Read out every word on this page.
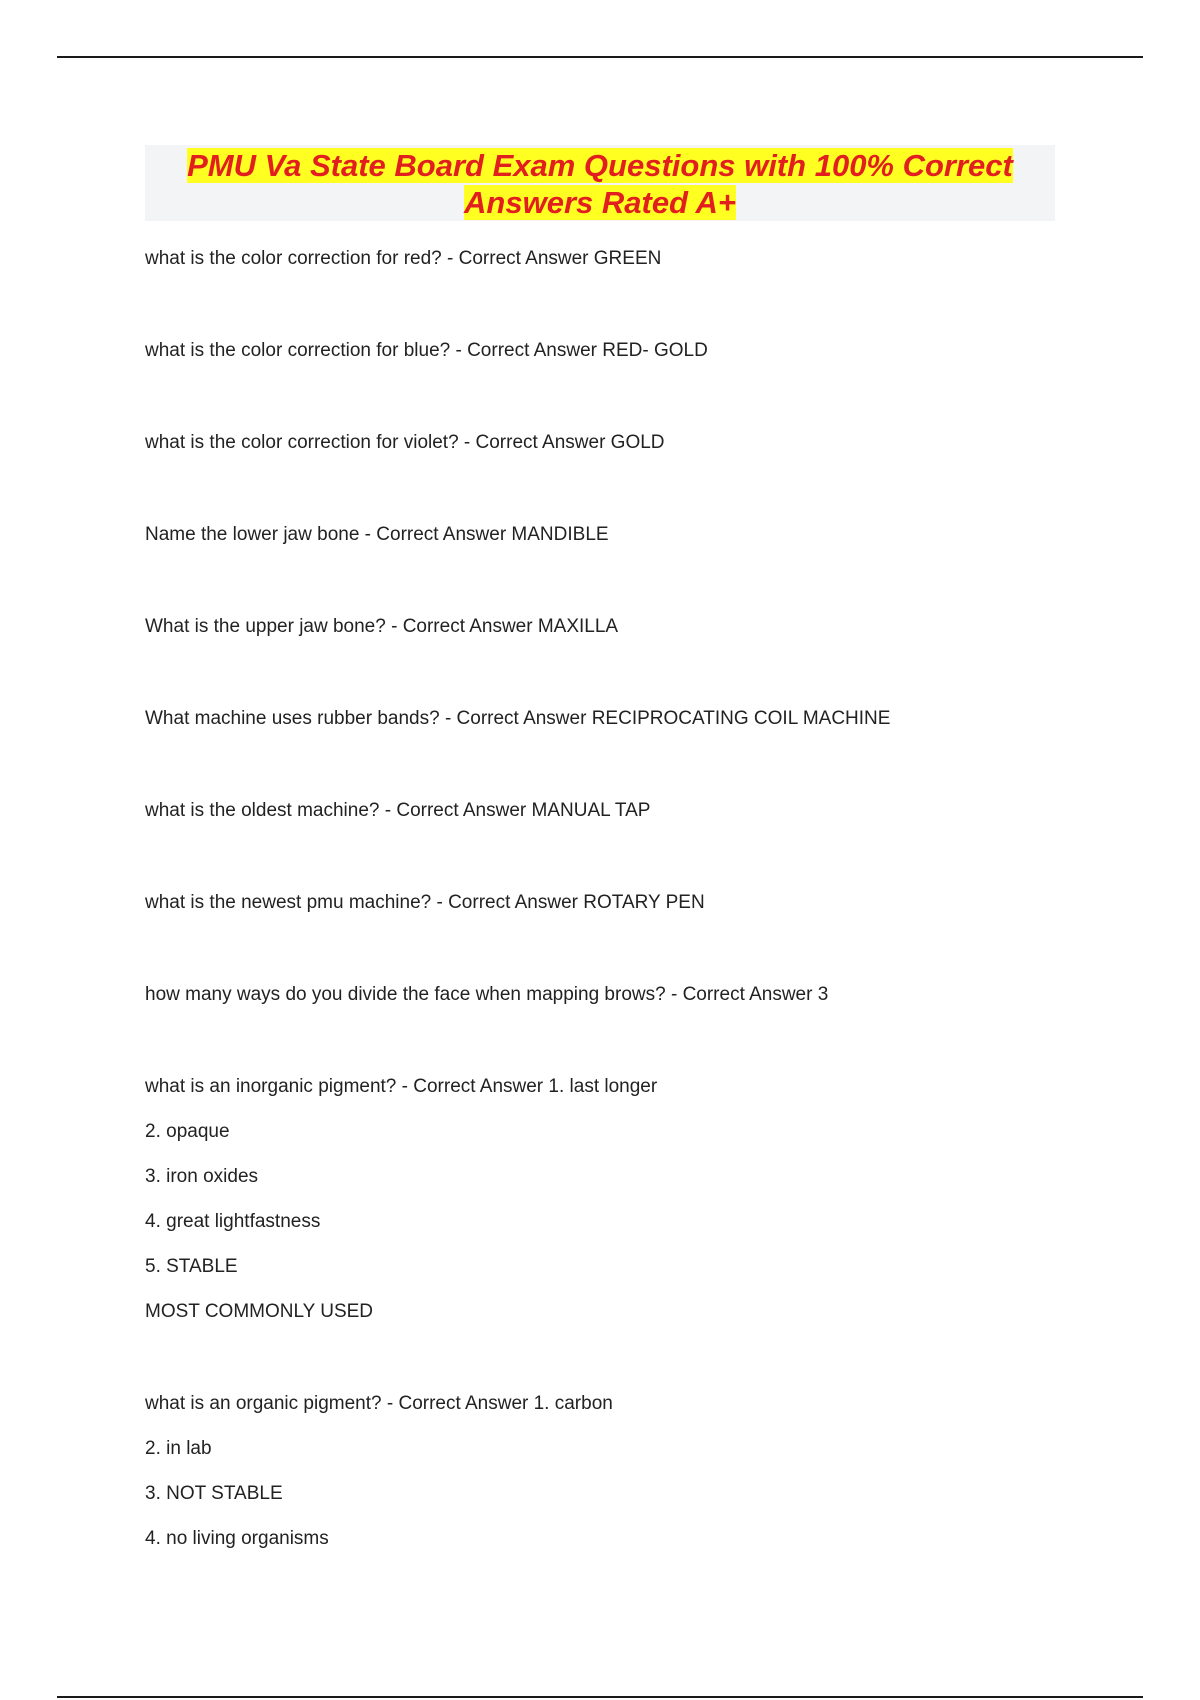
PMU Va State Board Exam Questions with 100% Correct Answers Rated A+

what is the color correction for red? - Correct Answer GREEN

what is the color correction for blue? - Correct Answer RED- GOLD

what is the color correction for violet? - Correct Answer GOLD

Name the lower jaw bone - Correct Answer MANDIBLE

What is the upper jaw bone? - Correct Answer MAXILLA

What machine uses rubber bands? - Correct Answer RECIPROCATING COIL MACHINE

what is the oldest machine? - Correct Answer MANUAL TAP

what is the newest pmu machine? - Correct Answer ROTARY PEN

how many ways do you divide the face when mapping brows? - Correct Answer 3

what is an inorganic pigment? - Correct Answer 1. last longer

2. opaque

3. iron oxides

4. great lightfastness

5. STABLE

MOST COMMONLY USED

what is an organic pigment? - Correct Answer 1. carbon

2. in lab

3. NOT STABLE

4. no living organisms
